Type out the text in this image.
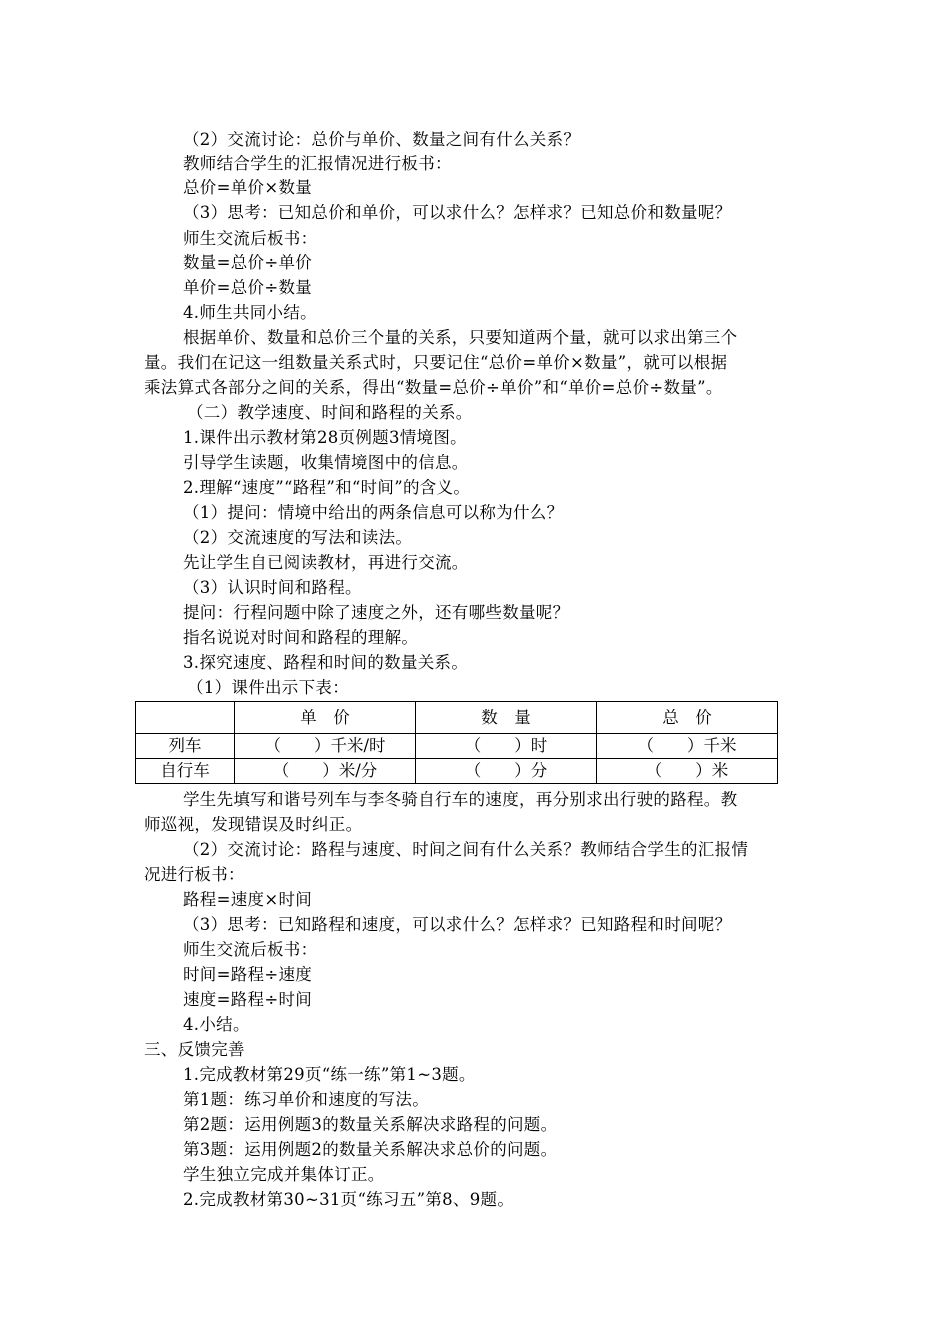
（2）交流讨论：总价与单价、数量之间有什么关系？
教师结合学生的汇报情况进行板书：
总价=单价×数量
（3）思考：已知总价和单价，可以求什么？怎样求？已知总价和数量呢？
师生交流后板书：
数量=总价÷单价
单价=总价÷数量
4.师生共同小结。
根据单价、数量和总价三个量的关系，只要知道两个量，就可以求出第三个
量。我们在记这一组数量关系式时，只要记住“总价=单价×数量”，就可以根据
乘法算式各部分之间的关系，得出“数量=总价÷单价”和“单价=总价÷数量”。
（二）教学速度、时间和路程的关系。
1.课件出示教材第28页例题3情境图。
引导学生读题，收集情境图中的信息。
2.理解“速度”“路程”和“时间”的含义。
（1）提问：情境中给出的两条信息可以称为什么？
（2）交流速度的写法和读法。
先让学生自已阅读教材，再进行交流。
（3）认识时间和路程。
提问：行程问题中除了速度之外，还有哪些数量呢？
指名说说对时间和路程的理解。
3.探究速度、路程和时间的数量关系。
（1）课件出示下表：
	单　价	数　量	总　价
列车	（　　）千米/时	（　　）时	（　　）千米
自行车	（　　）米/分	（　　）分	（　　）米
学生先填写和谐号列车与李冬骑自行车的速度，再分别求出行驶的路程。教
师巡视，发现错误及时纠正。
（2）交流讨论：路程与速度、时间之间有什么关系？教师结合学生的汇报情
况进行板书：
路程=速度×时间
（3）思考：已知路程和速度，可以求什么？怎样求？已知路程和时间呢？
师生交流后板书：
时间=路程÷速度
速度=路程÷时间
4.小结。
三、反馈完善
1.完成教材第29页“练一练”第1~3题。
第1题：练习单价和速度的写法。
第2题：运用例题3的数量关系解决求路程的问题。
第3题：运用例题2的数量关系解决求总价的问题。
学生独立完成并集体订正。
2.完成教材第30~31页“练习五”第8、9题。
